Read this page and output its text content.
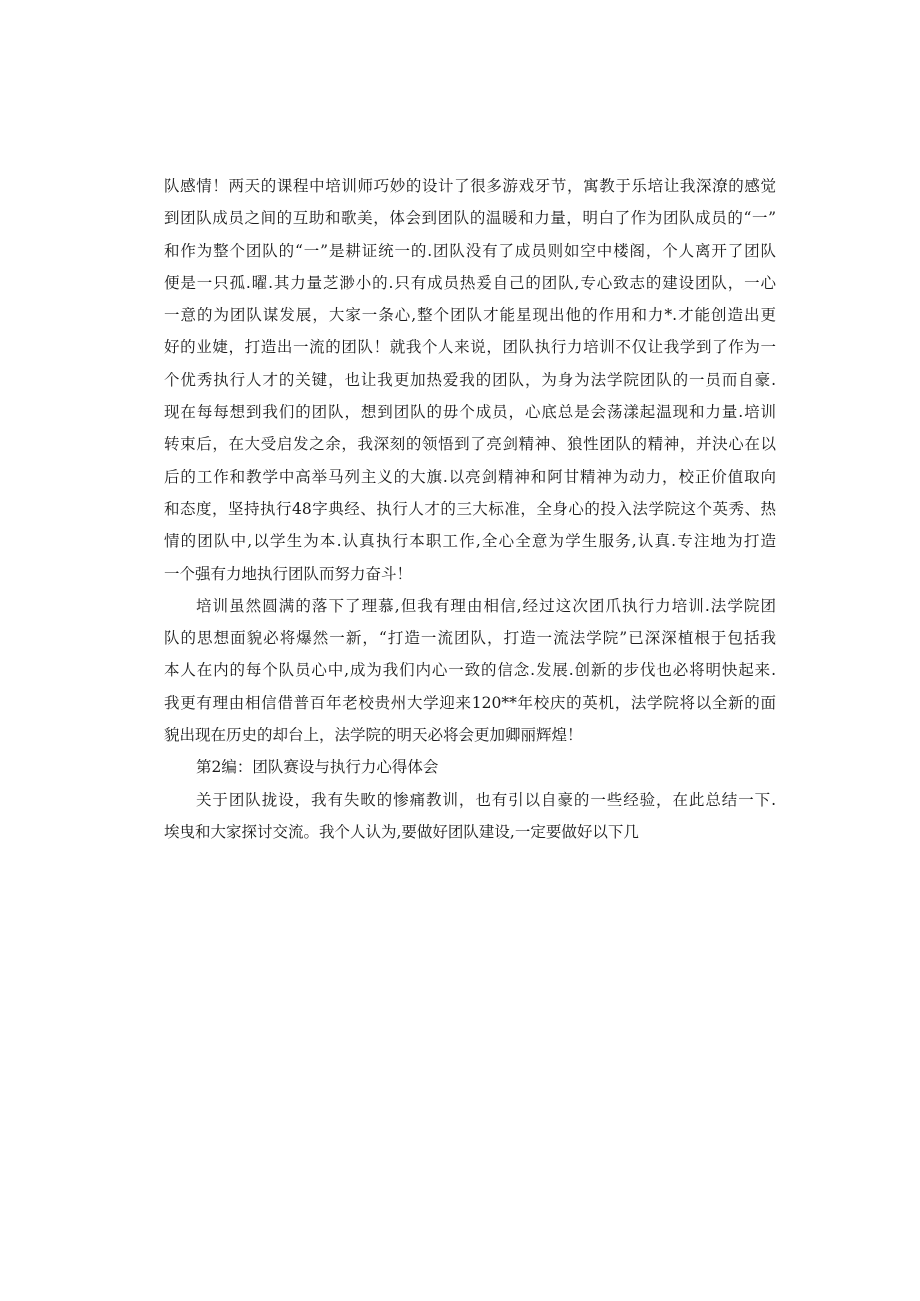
队感情！两天的课程中培训师巧妙的设计了很多游戏牙节，寓教于乐培让我深潦的感觉
到团队成员之间的互助和歌美，体会到团队的温暖和力量，明白了作为团队成员的“一”
和作为整个团队的“一”是耕证统一的.团队没有了成员则如空中楼阁，个人离开了团队
便是一只孤.曜.其力量芝渺小的.只有成员热爰自己的团队,专心致志的建设团队，一心
一意的为团队谋发展，大家一条心,整个团队才能星现出他的作用和力*.才能创造出更
好的业婕，打造出一流的团队！就我个人来说，团队执行力培训不仅让我学到了作为一
个优秀执行人才的关键，也让我更加热爱我的团队，为身为法学院团队的一员而自豪.
现在每每想到我们的团队，想到团队的毋个成员，心底总是会荡漾起温现和力量.培训
转束后，在大受启发之余，我深刻的领悟到了亮剑精神、狼性团队的精神，并決心在以
后的工作和教学中高举马列主义的大旗.以亮剑精神和阿甘精神为动力，校正价值取向
和态度，坚持执行48字典经、执行人才的三大标准，全身心的投入法学院这个英秀、热
情的团队中,以学生为本.认真执行本职工作,全心全意为学生服务,认真.专注地为打造
一个强有力地执行团队而努力奋斗！
培训虽然圆满的落下了理慕,但我有理由相信,经过这次团爪执行力培训.法学院团
队的思想面貌必将爆然一新，“打造一流团队，打造一流法学院”已深深植根于包括我
本人在内的每个队员心中,成为我们内心一致的信念.发展.创新的步伐也必将明快起来.
我更有理由相信借普百年老校贵州大学迎来120**年校庆的英机，法学院将以全新的面
貌出现在历史的却台上，法学院的明天必将会更加卿丽辉煌！
第2编：团队赛设与执行力心得体会
关于团队拢设，我有失畋的惨痛教训，也有引以自豪的一些经验，在此总结一下.
埃曳和大家探讨交流。我个人认为,要做好团队建设,一定要做好以下几
